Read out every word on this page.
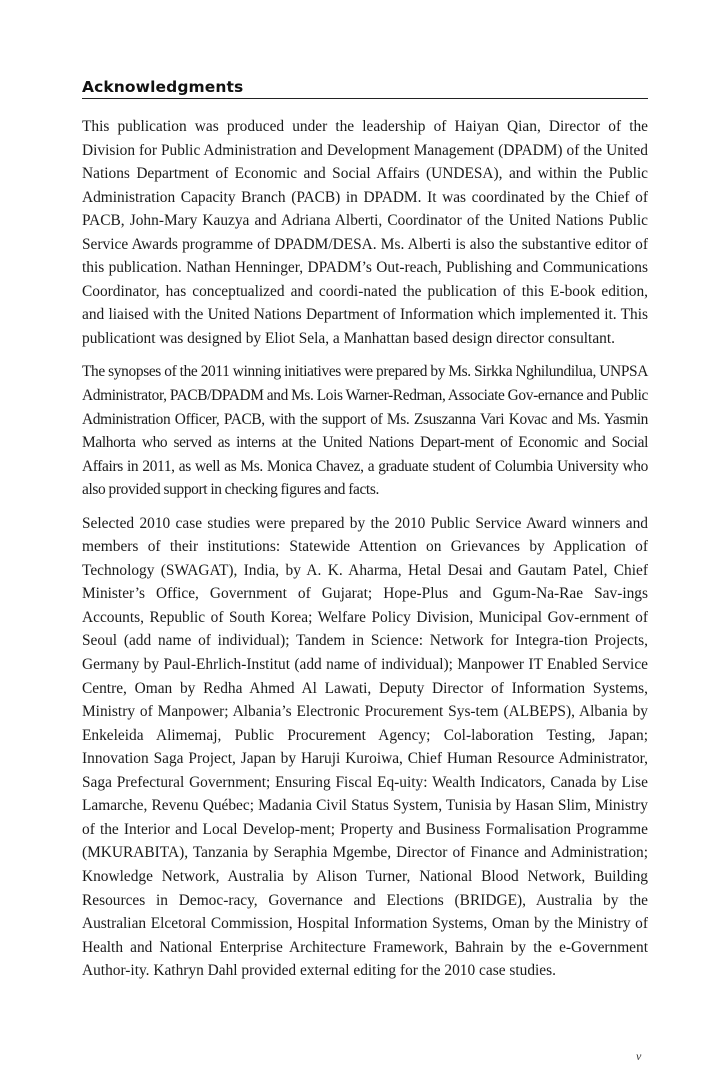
Acknowledgments

This publication was produced under the leadership of Haiyan Qian, Director of the Division for Public Administration and Development Management (DPADM) of the United Nations Department of Economic and Social Affairs (UNDESA), and within the Public Administration Capacity Branch (PACB) in DPADM. It was coordinated by the Chief of PACB, John-Mary Kauzya and Adriana Alberti, Coordinator of the United Nations Public Service Awards programme of DPADM/DESA. Ms. Alberti is also the substantive editor of this publication. Nathan Henninger, DPADM’s Out-reach, Publishing and Communications Coordinator, has conceptualized and coordi-nated the publication of this E-book edition, and liaised with the United Nations Department of Information which implemented it. This publicationt was designed by Eliot Sela, a Manhattan based design director consultant.

The synopses of the 2011 winning initiatives were prepared by Ms. Sirkka Nghilundilua, UNPSA Administrator, PACB/DPADM and Ms. Lois Warner-Redman, Associate Gov-ernance and Public Administration Officer, PACB, with the support of Ms. Zsuszanna Vari Kovac and Ms. Yasmin Malhorta who served as interns at the United Nations Depart-ment of Economic and Social Affairs in 2011, as well as Ms. Monica Chavez, a graduate student of Columbia University who also provided support in checking figures and facts.

Selected 2010 case studies were prepared by the 2010 Public Service Award winners and members of their institutions: Statewide Attention on Grievances by Application of Technology (SWAGAT), India, by A. K. Aharma, Hetal Desai and Gautam Patel, Chief Minister’s Office, Government of Gujarat; Hope-Plus and Ggum-Na-Rae Sav-ings Accounts, Republic of South Korea; Welfare Policy Division, Municipal Gov-ernment of Seoul (add name of individual); Tandem in Science: Network for Integra-tion Projects, Germany by Paul-Ehrlich-Institut (add name of individual); Manpower IT Enabled Service Centre, Oman by Redha Ahmed Al Lawati, Deputy Director of Information Systems, Ministry of Manpower; Albania’s Electronic Procurement Sys-tem (ALBEPS), Albania by Enkeleida Alimemaj, Public Procurement Agency; Col-laboration Testing, Japan; Innovation Saga Project, Japan by Haruji Kuroiwa, Chief Human Resource Administrator, Saga Prefectural Government; Ensuring Fiscal Eq-uity: Wealth Indicators, Canada by Lise Lamarche, Revenu Québec; Madania Civil Status System, Tunisia by Hasan Slim, Ministry of the Interior and Local Develop-ment; Property and Business Formalisation Programme (MKURABITA), Tanzania by Seraphia Mgembe, Director of Finance and Administration; Knowledge Network, Australia by Alison Turner, National Blood Network, Building Resources in Democ-racy, Governance and Elections (BRIDGE), Australia by the Australian Elcetoral Commission, Hospital Information Systems, Oman by the Ministry of Health and National Enterprise Architecture Framework, Bahrain by the e-Government Author-ity. Kathryn Dahl provided external editing for the 2010 case studies.

v
